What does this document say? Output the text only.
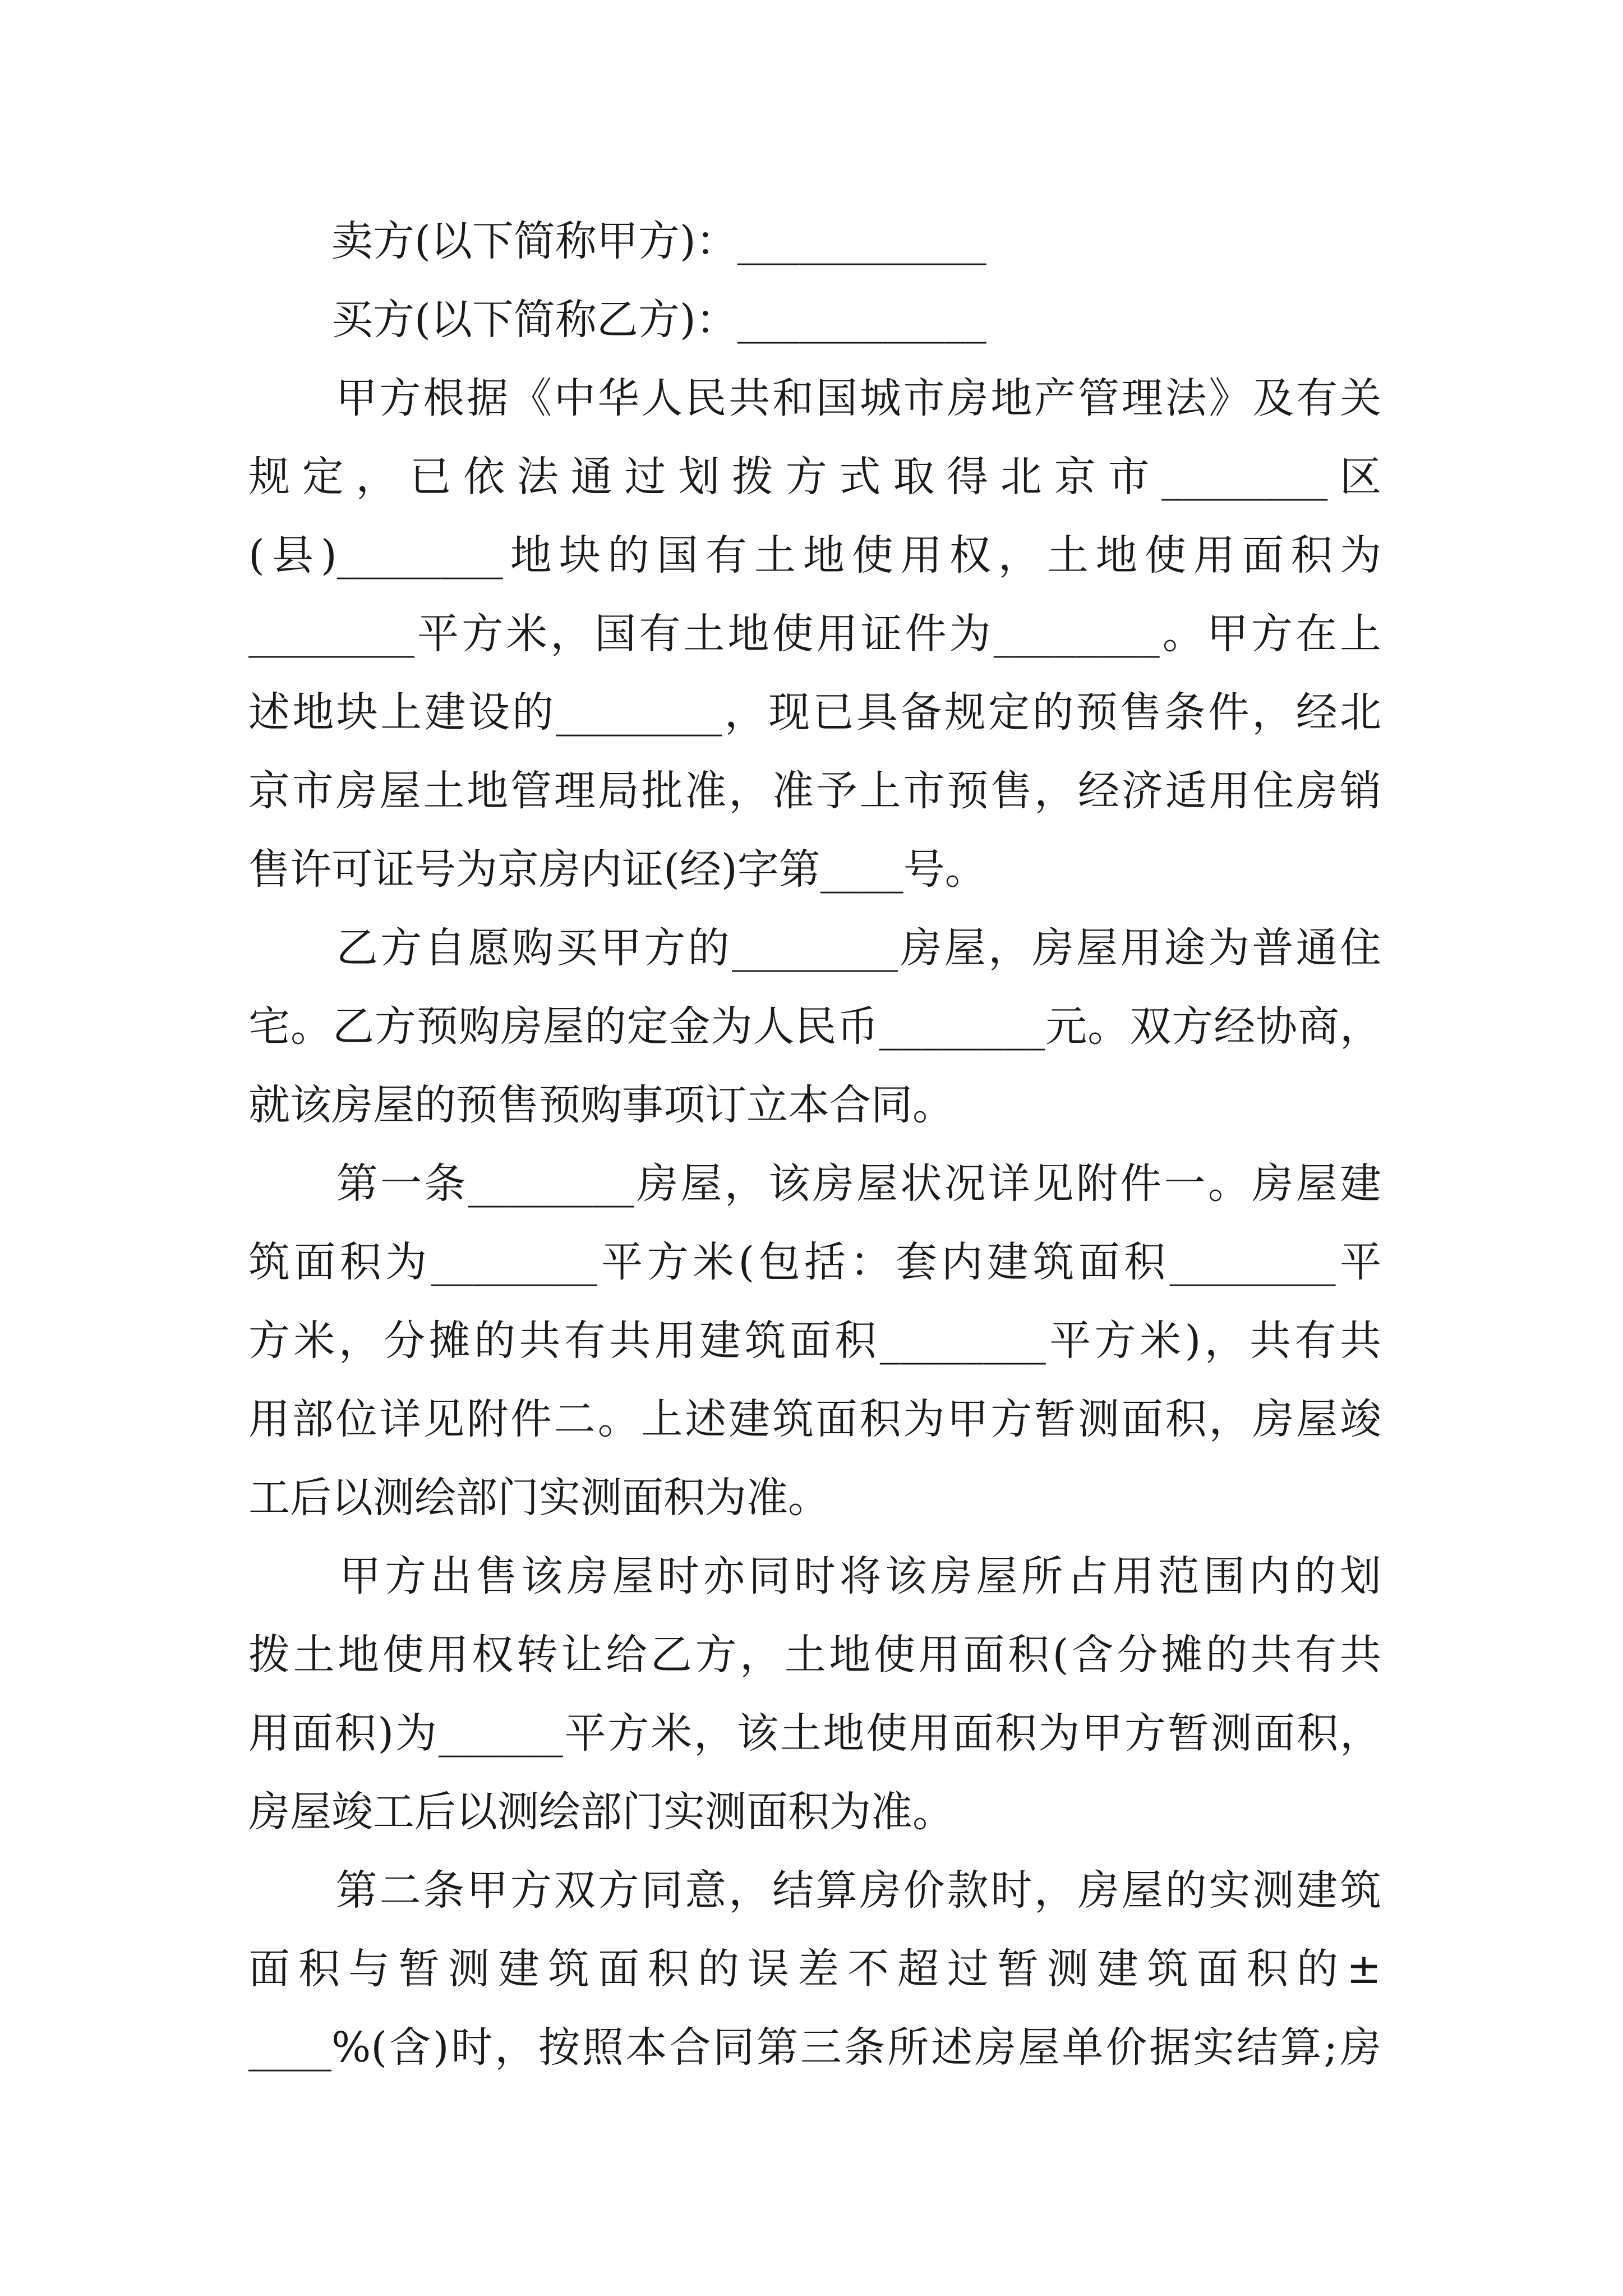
　　卖方(以下简称甲方)：____________
　　买方(以下简称乙方)：____________
　　甲方根据《中华人民共和国城市房地产管理法》及有关
规定，已依法通过划拨方式取得北京市________区
(县)________地块的国有土地使用权，土地使用面积为
________平方米，国有土地使用证件为________。甲方在上
述地块上建设的________，现已具备规定的预售条件，经北
京市房屋土地管理局批准，准予上市预售，经济适用住房销
售许可证号为京房内证(经)字第____号。
　　乙方自愿购买甲方的________房屋，房屋用途为普通住
宅。乙方预购房屋的定金为人民币________元。双方经协商，
就该房屋的预售预购事项订立本合同。
　　第一条________房屋，该房屋状况详见附件一。房屋建
筑面积为________平方米(包括：套内建筑面积________平
方米，分摊的共有共用建筑面积________平方米)，共有共
用部位详见附件二。上述建筑面积为甲方暂测面积，房屋竣
工后以测绘部门实测面积为准。
　　甲方出售该房屋时亦同时将该房屋所占用范围内的划
拨土地使用权转让给乙方，土地使用面积(含分摊的共有共
用面积)为______平方米，该土地使用面积为甲方暂测面积，
房屋竣工后以测绘部门实测面积为准。
　　第二条甲方双方同意，结算房价款时，房屋的实测建筑
面积与暂测建筑面积的误差不超过暂测建筑面积的±
____%(含)时，按照本合同第三条所述房屋单价据实结算;房
